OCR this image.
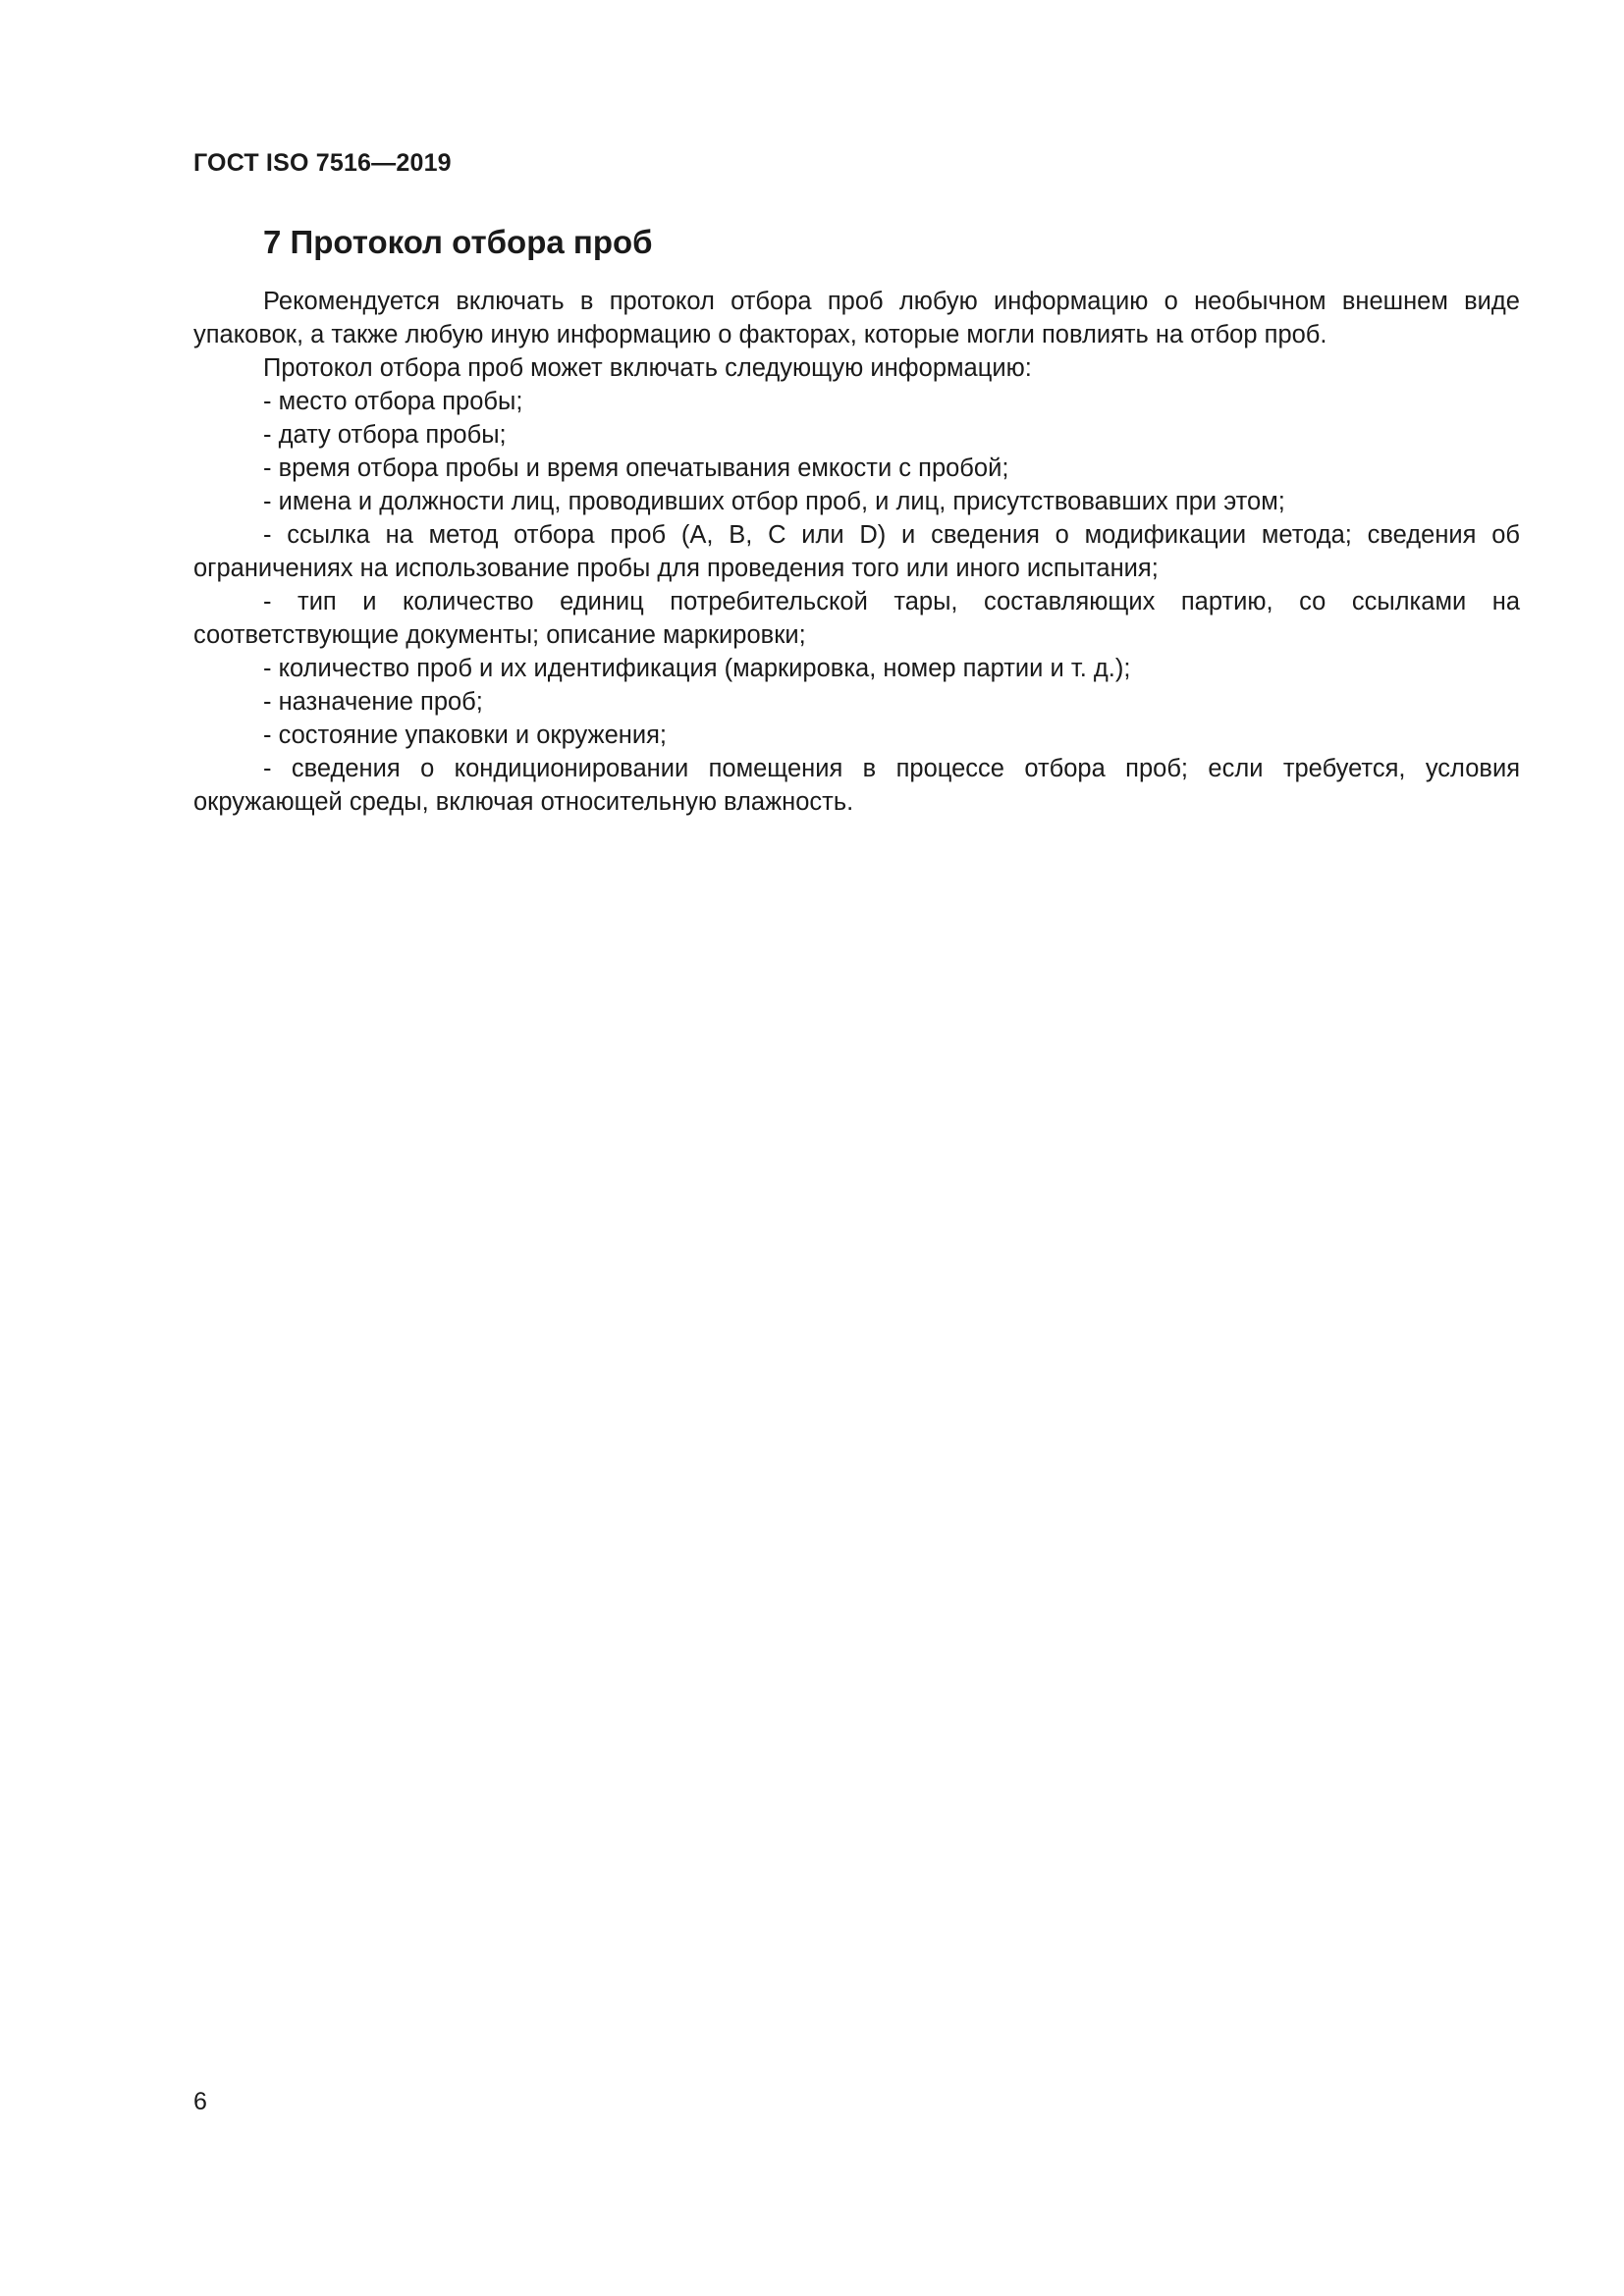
ГОСТ ISO 7516—2019
7 Протокол отбора проб

Рекомендуется включать в протокол отбора проб любую информацию о необычном внешнем виде упаковок, а также любую иную информацию о факторах, которые могли повлиять на отбор проб.

Протокол отбора проб может включать следующую информацию:

- место отбора пробы;
- дату отбора пробы;
- время отбора пробы и время опечатывания емкости с пробой;
- имена и должности лиц, проводивших отбор проб, и лиц, присутствовавших при этом;
- ссылка на метод отбора проб (A, B, C или D) и сведения о модификации метода; сведения об ограничениях на использование пробы для проведения того или иного испытания;
- тип и количество единиц потребительской тары, составляющих партию, со ссылками на соответствующие документы; описание маркировки;
- количество проб и их идентификация (маркировка, номер партии и т. д.);
- назначение проб;
- состояние упаковки и окружения;
- сведения о кондиционировании помещения в процессе отбора проб; если требуется, условия окружающей среды, включая относительную влажность.
6
